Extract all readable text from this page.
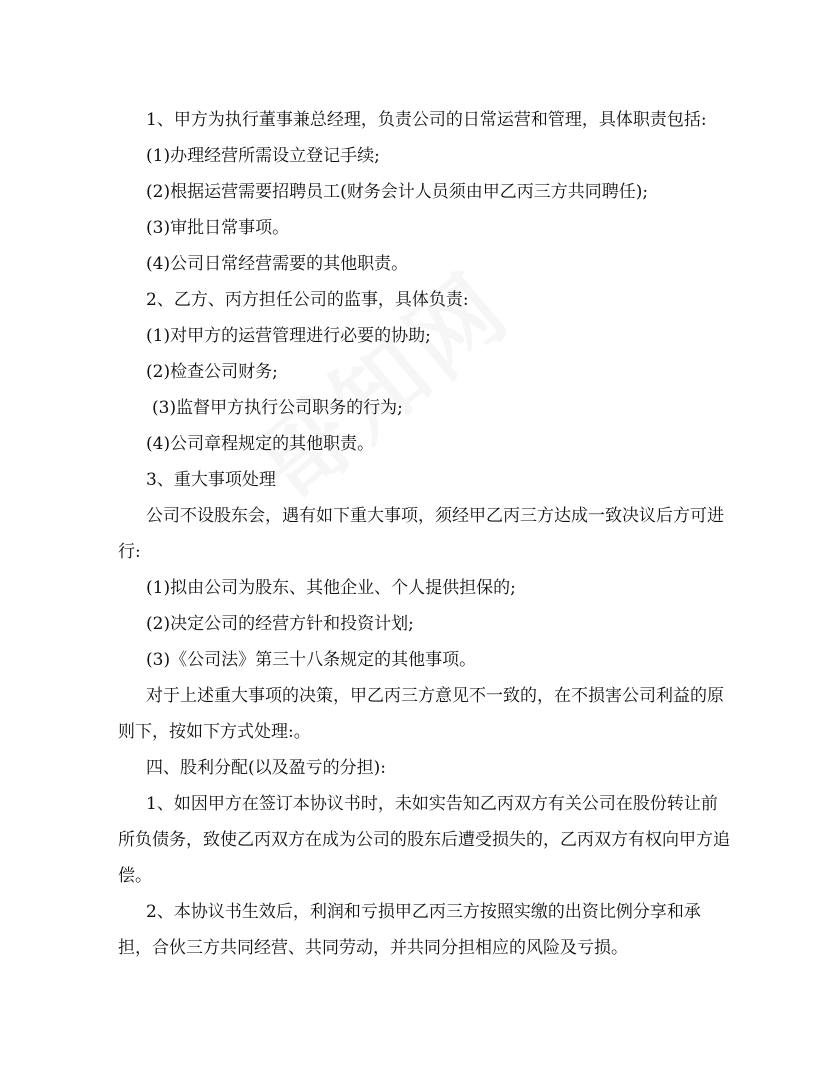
1、甲方为执行董事兼总经理，负责公司的日常运营和管理，具体职责包括:
(1)办理经营所需设立登记手续;
(2)根据运营需要招聘员工(财务会计人员须由甲乙丙三方共同聘任);
(3)审批日常事项。
(4)公司日常经营需要的其他职责。
2、乙方、丙方担任公司的监事，具体负责:
(1)对甲方的运营管理进行必要的协助;
(2)检查公司财务;
(3)监督甲方执行公司职务的行为;
(4)公司章程规定的其他职责。
3、重大事项处理
公司不设股东会，遇有如下重大事项，须经甲乙丙三方达成一致决议后方可进
行:
(1)拟由公司为股东、其他企业、个人提供担保的;
(2)决定公司的经营方针和投资计划;
(3)《公司法》第三十八条规定的其他事项。
对于上述重大事项的决策，甲乙丙三方意见不一致的，在不损害公司利益的原
则下，按如下方式处理:。
四、股利分配(以及盈亏的分担):
1、如因甲方在签订本协议书时，未如实告知乙丙双方有关公司在股份转让前
所负债务，致使乙丙双方在成为公司的股东后遭受损失的，乙丙双方有权向甲方追
偿。
2、本协议书生效后，利润和亏损甲乙丙三方按照实缴的出资比例分享和承
担，合伙三方共同经营、共同劳动，并共同分担相应的风险及亏损。
